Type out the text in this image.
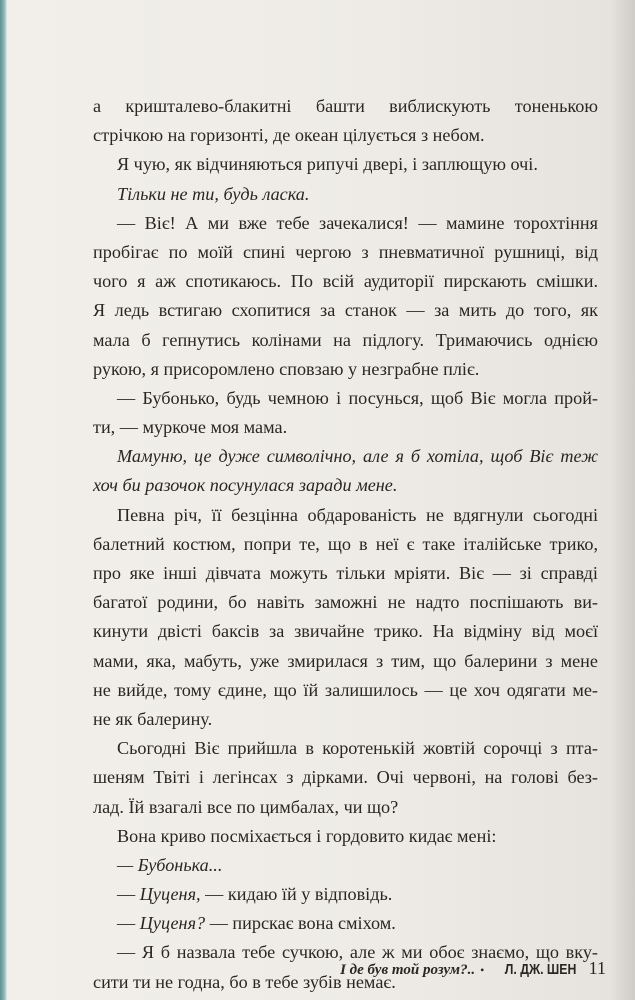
а кришталево-блакитні башти виблискують тоненькою
стрічкою на горизонті, де океан цілується з небом.
Я чую, як відчиняються рипучі двері, і заплющую очі.
Тільки не ти, будь ласка.
— Віє! А ми вже тебе зачекалися! — мамине торохтіння
пробігає по моїй спині чергою з пневматичної рушниці, від
чого я аж спотикаюсь. По всій аудиторії пирскають смішки.
Я ледь встигаю схопитися за станок — за мить до того, як
мала б гепнутись колінами на підлогу. Тримаючись однією
рукою, я присоромлено сповзаю у незграбне пліє.
— Бубонько, будь чемною і посунься, щоб Віє могла прой-
ти, — муркоче моя мама.
Мамуню, це дуже символічно, але я б хотіла, щоб Віє теж
хоч би разочок посунулася заради мене.
Певна річ, її безцінна обдарованість не вдягнули сьогодні
балетний костюм, попри те, що в неї є таке італійське трико,
про яке інші дівчата можуть тільки мріяти. Віє — зі справді
багатої родини, бо навіть заможні не надто поспішають ви-
кинути двісті баксів за звичайне трико. На відміну від моєї
мами, яка, мабуть, уже змирилася з тим, що балерини з мене
не вийде, тому єдине, що їй залишилось — це хоч одягати ме-
не як балерину.
Сьогодні Віє прийшла в коротенькій жовтій сорочці з пта-
шеням Твіті і легінсах з дірками. Очі червоні, на голові без-
лад. Їй взагалі все по цимбалах, чи що?
Вона криво посміхається і гордовито кидає мені:
— Бубонька...
— Цуценя, — кидаю їй у відповідь.
— Цуценя? — пирскає вона сміхом.
— Я б назвала тебе сучкою, але ж ми обоє знаємо, що вку-
сити ти не годна, бо в тебе зубів немає.
І де був той розум?.. • Л. ДЖ. ШЕН 11
